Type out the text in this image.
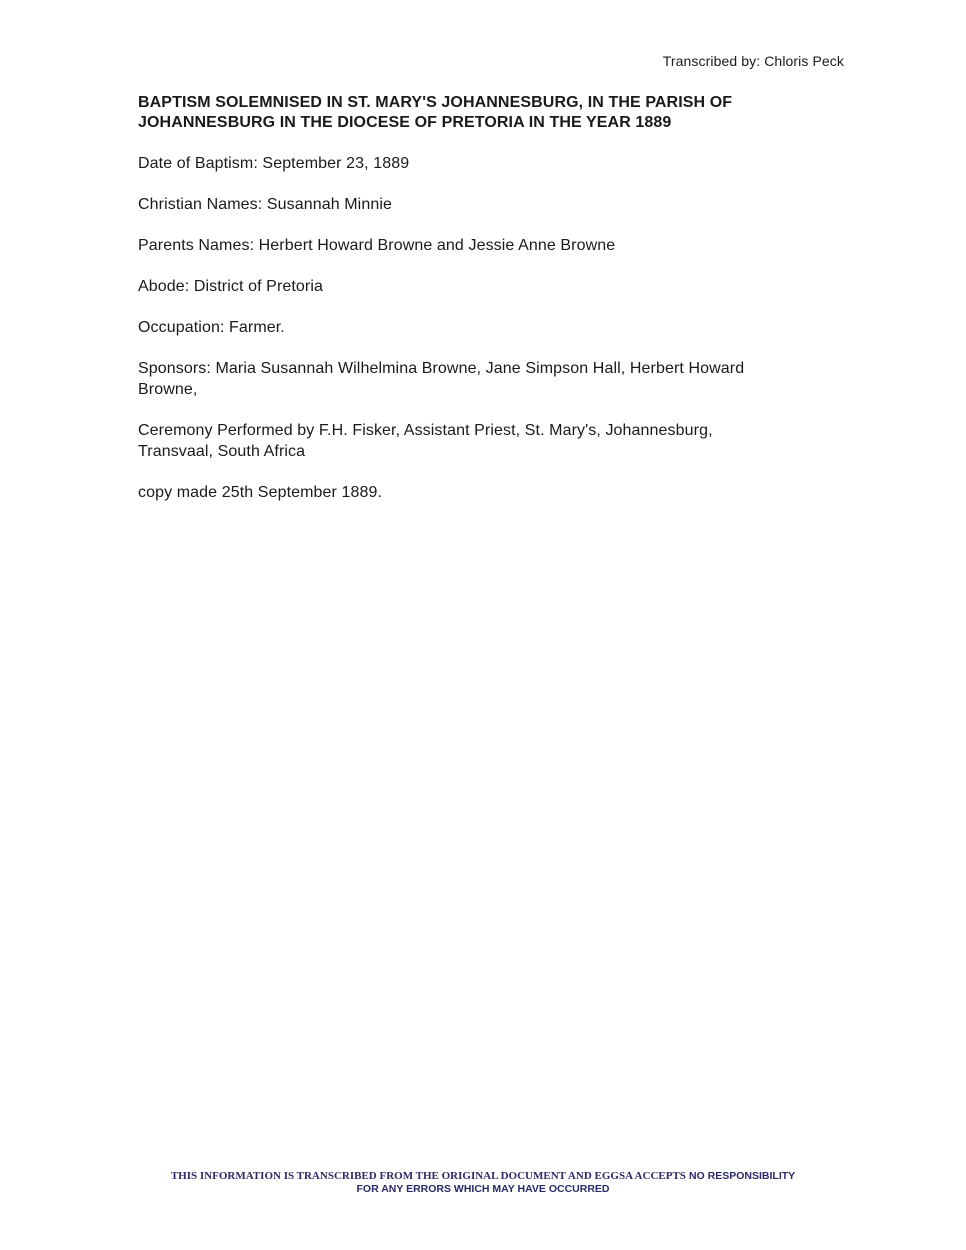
Transcribed by: Chloris Peck
BAPTISM SOLEMNISED IN ST. MARY'S JOHANNESBURG, IN THE PARISH OF
JOHANNESBURG IN THE DIOCESE OF PRETORIA IN THE YEAR 1889

Date of Baptism: September 23, 1889

Christian Names: Susannah Minnie

Parents Names: Herbert Howard Browne and Jessie Anne Browne

Abode: District of Pretoria

Occupation: Farmer.

Sponsors: Maria Susannah Wilhelmina Browne, Jane Simpson Hall, Herbert Howard
Browne,

Ceremony Performed by F.H. Fisker, Assistant Priest, St. Mary's, Johannesburg,
Transvaal, South Africa

copy made 25th September 1889.

THIS INFORMATION IS TRANSCRIBED FROM THE ORIGINAL DOCUMENT AND EGGSA ACCEPTS NO RESPONSIBILITY
FOR ANY ERRORS WHICH MAY HAVE OCCURRED
